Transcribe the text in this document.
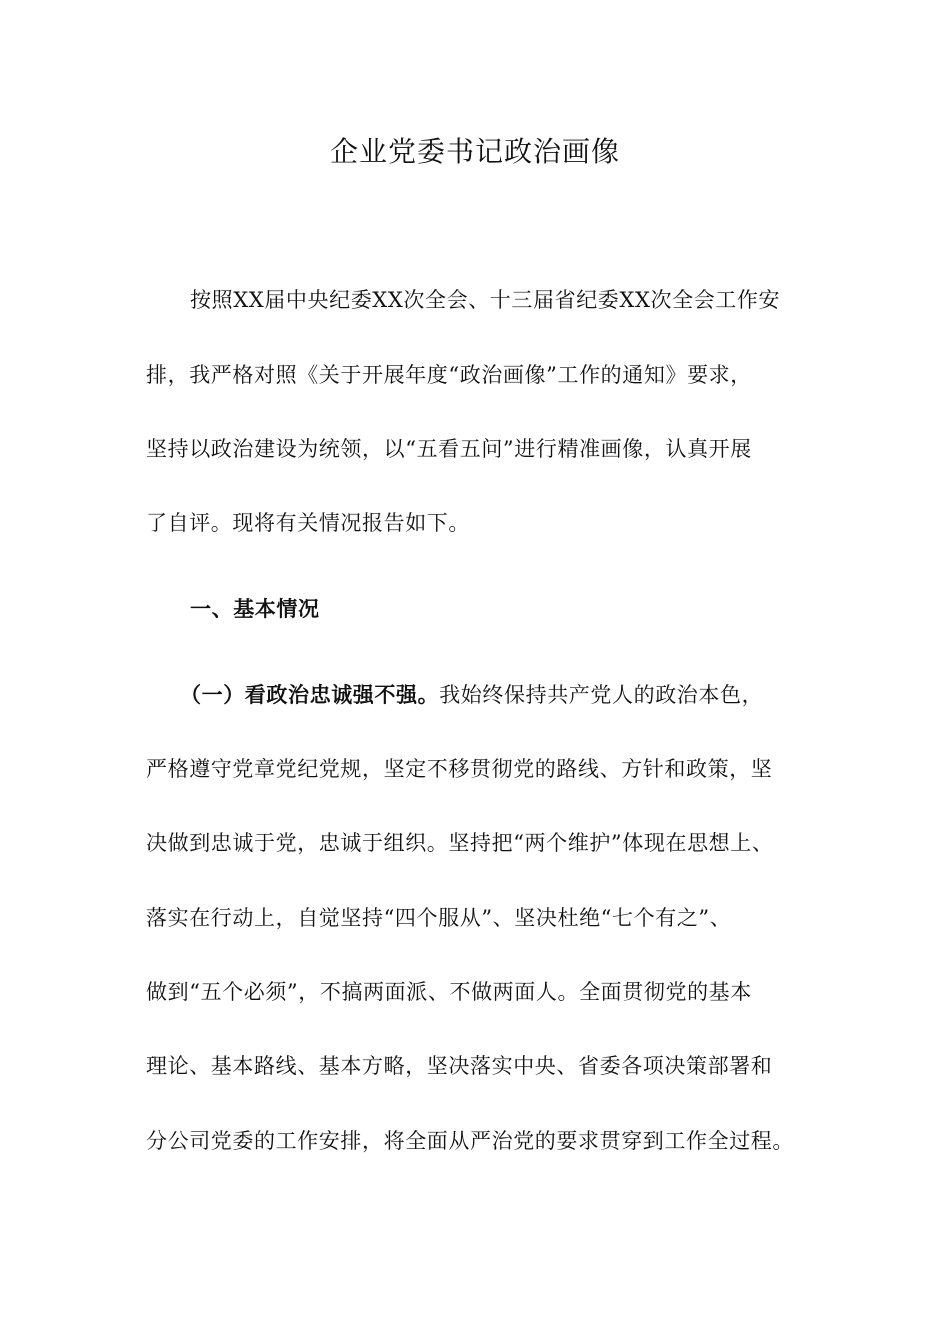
企业党委书记政治画像
按照XX届中央纪委XX次全会、十三届省纪委XX次全会工作安
排，我严格对照《关于开展年度“政治画像”工作的通知》要求，
坚持以政治建设为统领，以“五看五问”进行精准画像，认真开展
了自评。现将有关情况报告如下。
一、基本情况
（一）看政治忠诚强不强。我始终保持共产党人的政治本色，
严格遵守党章党纪党规，坚定不移贯彻党的路线、方针和政策，坚
决做到忠诚于党，忠诚于组织。坚持把“两个维护”体现在思想上、
落实在行动上，自觉坚持“四个服从”、坚决杜绝“七个有之”、
做到“五个必须”，不搞两面派、不做两面人。全面贯彻党的基本
理论、基本路线、基本方略，坚决落实中央、省委各项决策部署和
分公司党委的工作安排，将全面从严治党的要求贯穿到工作全过程。
